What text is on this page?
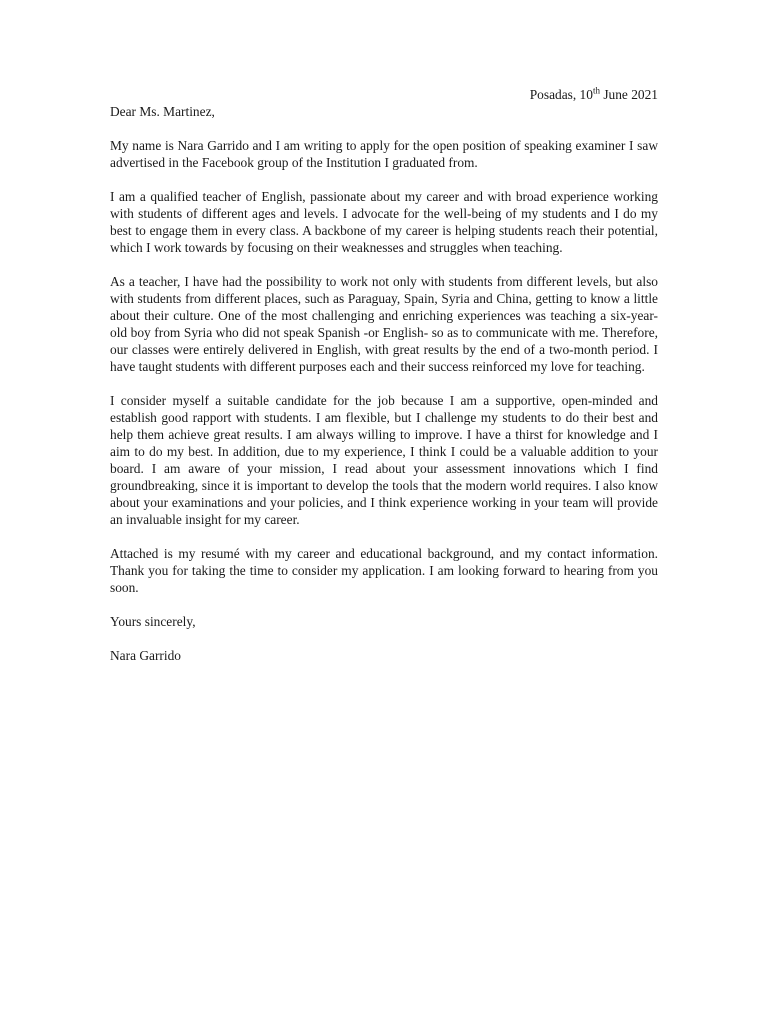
Posadas, 10th June 2021

Dear Ms. Martinez,

My name is Nara Garrido and I am writing to apply for the open position of speaking examiner I saw advertised in the Facebook group of the Institution I graduated from.

I am a qualified teacher of English, passionate about my career and with broad experience working with students of different ages and levels. I advocate for the well-being of my students and I do my best to engage them in every class. A backbone of my career is helping students reach their potential, which I work towards by focusing on their weaknesses and struggles when teaching.

As a teacher, I have had the possibility to work not only with students from different levels, but also with students from different places, such as Paraguay, Spain, Syria and China, getting to know a little about their culture. One of the most challenging and enriching experiences was teaching a six-year-old boy from Syria who did not speak Spanish -or English- so as to communicate with me. Therefore, our classes were entirely delivered in English, with great results by the end of a two-month period. I have taught students with different purposes each and their success reinforced my love for teaching.

I consider myself a suitable candidate for the job because I am a supportive, open-minded and establish good rapport with students. I am flexible, but I challenge my students to do their best and help them achieve great results. I am always willing to improve. I have a thirst for knowledge and I aim to do my best. In addition, due to my experience, I think I could be a valuable addition to your board. I am aware of your mission, I read about your assessment innovations which I find groundbreaking, since it is important to develop the tools that the modern world requires. I also know about your examinations and your policies, and I think experience working in your team will provide an invaluable insight for my career.

Attached is my resumé with my career and educational background, and my contact information. Thank you for taking the time to consider my application. I am looking forward to hearing from you soon.

Yours sincerely,

Nara Garrido
